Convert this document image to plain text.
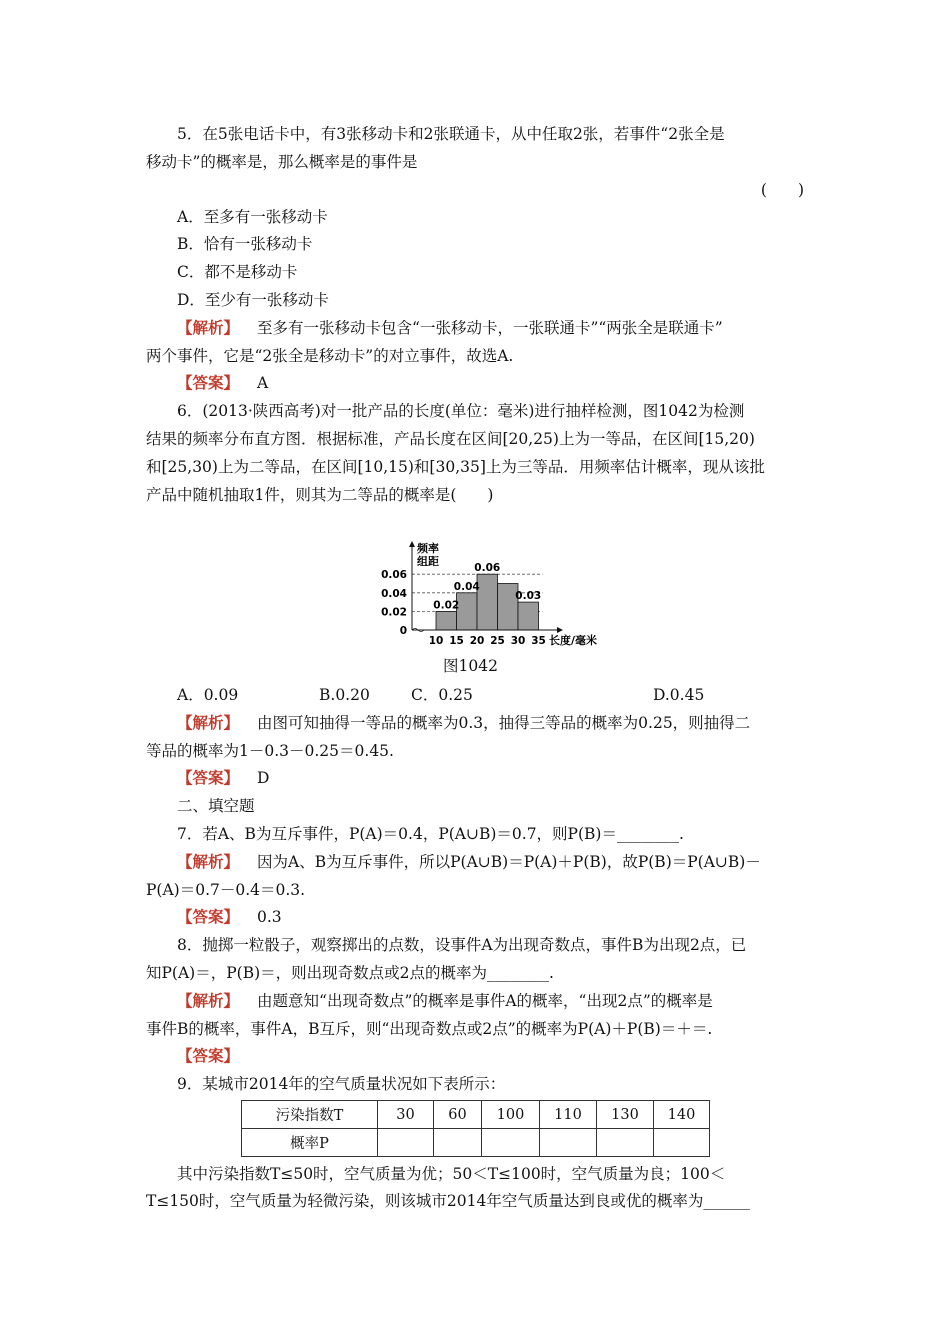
5．在5张电话卡中，有3张移动卡和2张联通卡，从中任取2张，若事件“2张全是
移动卡”的概率是，那么概率是的事件是
(　　)
A．至多有一张移动卡
B．恰有一张移动卡
C．都不是移动卡
D．至少有一张移动卡
【解析】 至多有一张移动卡包含“一张移动卡，一张联通卡”“两张全是联通卡”
两个事件，它是“2张全是移动卡”的对立事件，故选A.
【答案】 A
6．(2013·陕西高考)对一批产品的长度(单位：毫米)进行抽样检测，图1042为检测
结果的频率分布直方图．根据标准，产品长度在区间[20,25)上为一等品，在区间[15,20)
和[25,30)上为二等品，在区间[10,15)和[30,35]上为三等品．用频率估计概率，现从该批
产品中随机抽取1件，则其为二等品的概率是(　　)
频率
组距
长度/毫米
0.06
0.04
0.02
0
10 15 20 25 30 35
0.02
0.04
0.06
0.03
图1042
A．0.09	B.0.20	C．0.25	D.0.45
【解析】 由图可知抽得一等品的概率为0.3，抽得三等品的概率为0.25，则抽得二
等品的概率为1－0.3－0.25＝0.45.
【答案】 D
二、填空题
7．若A、B为互斥事件，P(A)＝0.4，P(A∪B)＝0.7，则P(B)＝________.
【解析】 因为A、B为互斥事件，所以P(A∪B)＝P(A)＋P(B)，故P(B)＝P(A∪B)－
P(A)＝0.7－0.4＝0.3.
【答案】 0.3
8．抛掷一粒骰子，观察掷出的点数，设事件A为出现奇数点，事件B为出现2点，已
知P(A)＝，P(B)＝，则出现奇数点或2点的概率为________.
【解析】 由题意知“出现奇数点”的概率是事件A的概率，“出现2点”的概率是
事件B的概率，事件A，B互斥，则“出现奇数点或2点”的概率为P(A)＋P(B)＝＋＝.
【答案】
9．某城市2014年的空气质量状况如下表所示：
污染指数T	30	60	100	110	130	140
概率P						
其中污染指数T≤50时，空气质量为优；50＜T≤100时，空气质量为良；100＜
T≤150时，空气质量为轻微污染，则该城市2014年空气质量达到良或优的概率为______
